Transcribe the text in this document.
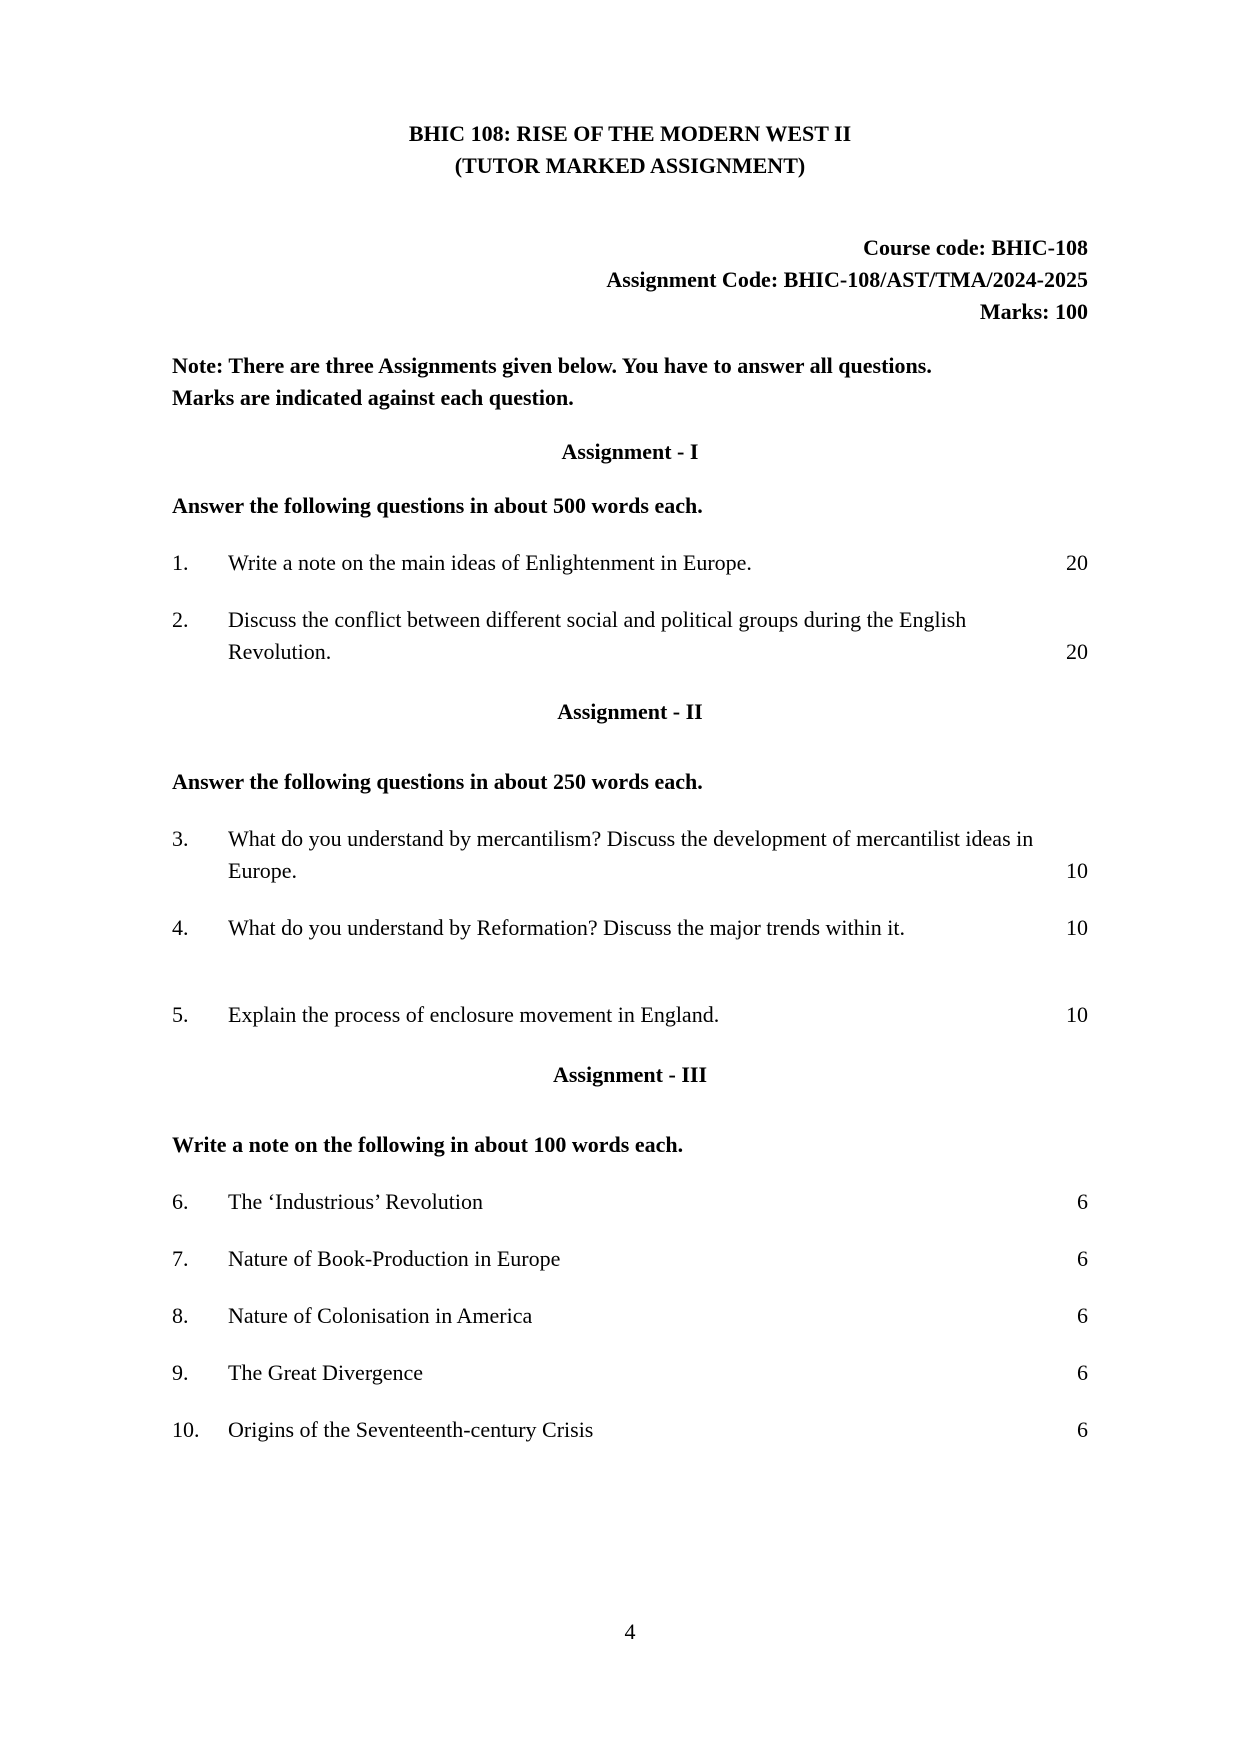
BHIC 108: RISE OF THE MODERN WEST II
(TUTOR MARKED ASSIGNMENT)
Course code: BHIC-108
Assignment Code: BHIC-108/AST/TMA/2024-2025
Marks: 100
Note: There are three Assignments given below. You have to answer all questions.
Marks are indicated against each question.
Assignment - I
Answer the following questions in about 500 words each.
1.	Write a note on the main ideas of Enlightenment in Europe.	20
2.	Discuss the conflict between different social and political groups during the English Revolution.	20
Assignment - II
Answer the following questions in about 250 words each.
3.	What do you understand by mercantilism? Discuss the development of mercantilist ideas in Europe.	10
4.	What do you understand by Reformation? Discuss the major trends within it.	10
5.	Explain the process of enclosure movement in England.	10
Assignment - III
Write a note on the following in about 100 words each.
6.	The ‘Industrious’ Revolution	6
7.	Nature of Book-Production in Europe	6
8.	Nature of Colonisation in America	6
9.	The Great Divergence	6
10.	Origins of the Seventeenth-century Crisis	6
4
